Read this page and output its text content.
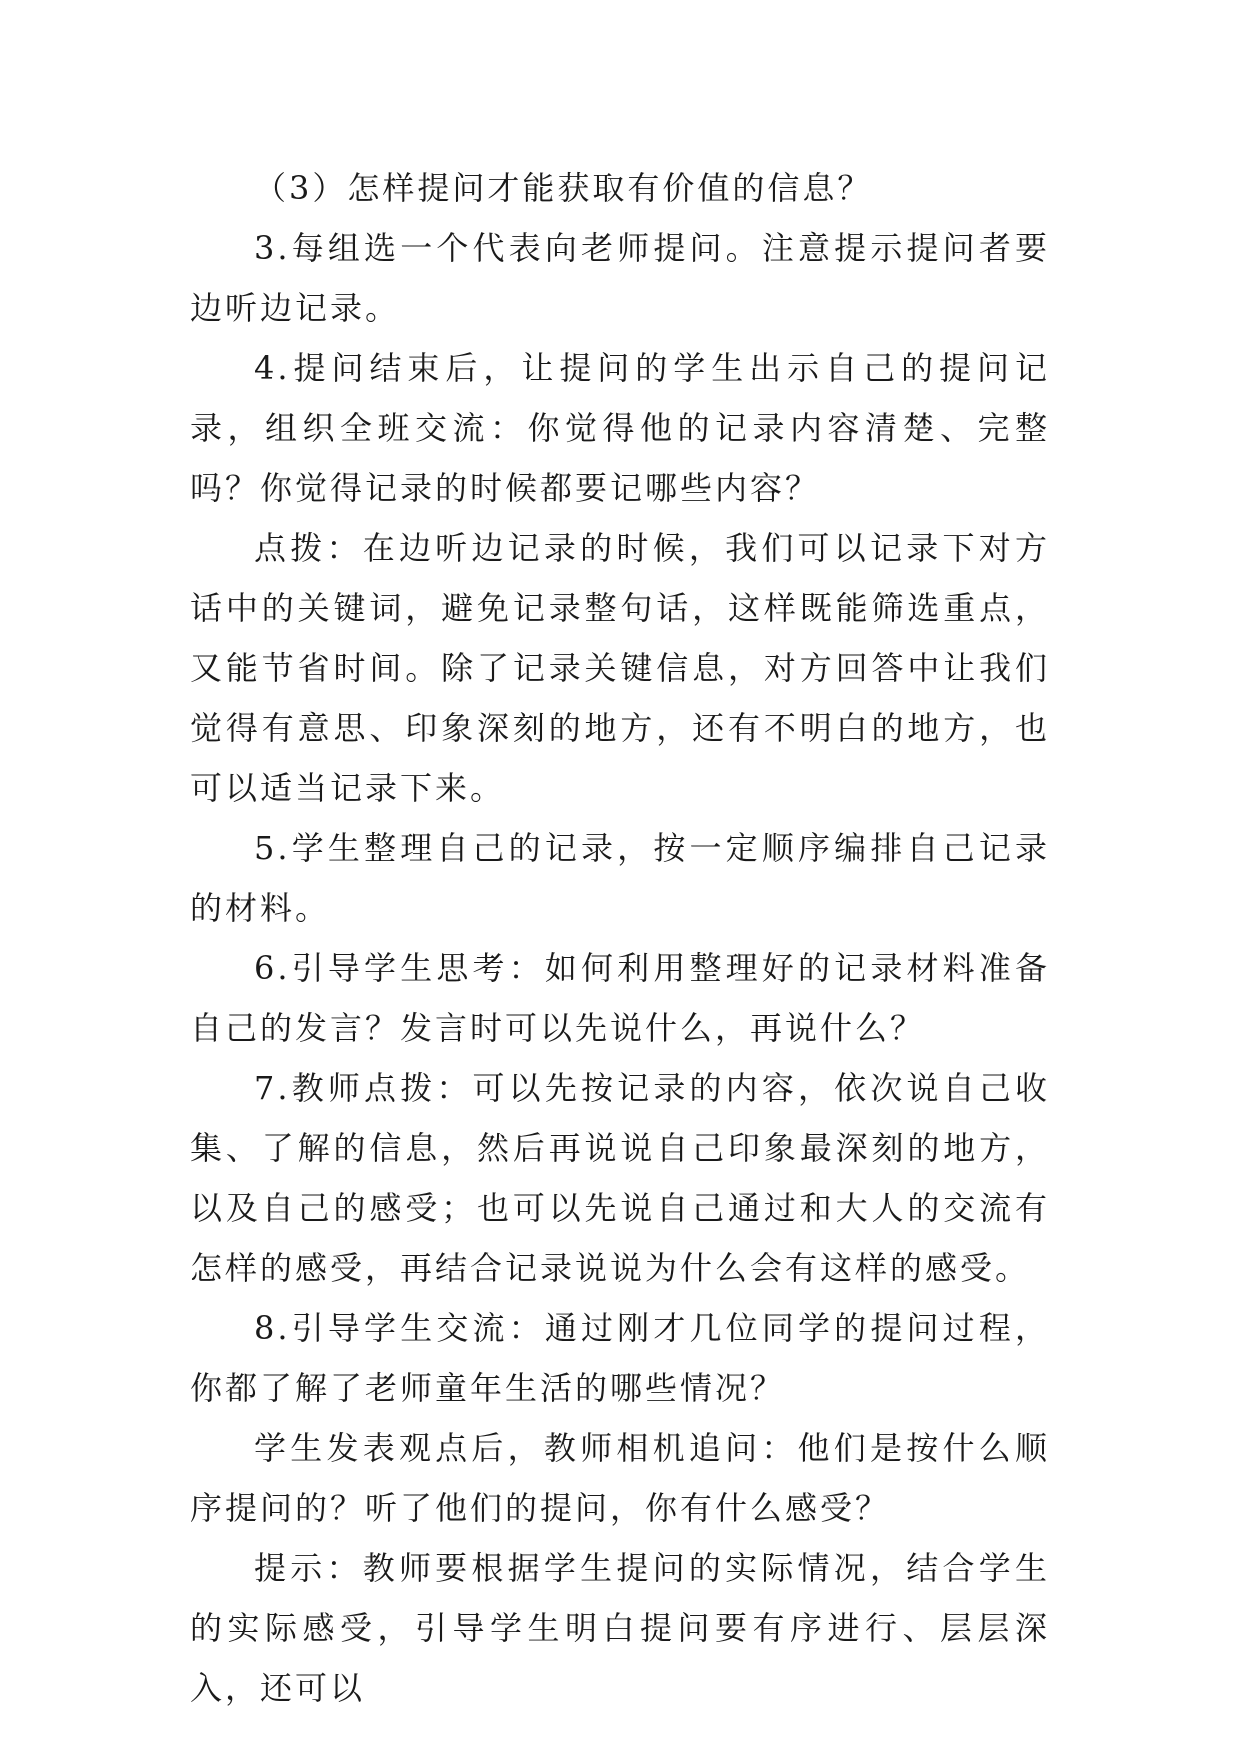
（3）怎样提问才能获取有价值的信息？

3.每组选一个代表向老师提问。注意提示提问者要边听边记录。

4.提问结束后，让提问的学生出示自己的提问记录，组织全班交流：你觉得他的记录内容清楚、完整吗？你觉得记录的时候都要记哪些内容？

点拨：在边听边记录的时候，我们可以记录下对方话中的关键词，避免记录整句话，这样既能筛选重点，又能节省时间。除了记录关键信息，对方回答中让我们觉得有意思、印象深刻的地方，还有不明白的地方，也可以适当记录下来。

5.学生整理自己的记录，按一定顺序编排自己记录的材料。

6.引导学生思考：如何利用整理好的记录材料准备自己的发言？发言时可以先说什么，再说什么？

7.教师点拨：可以先按记录的内容，依次说自己收集、了解的信息，然后再说说自己印象最深刻的地方，以及自己的感受；也可以先说自己通过和大人的交流有怎样的感受，再结合记录说说为什么会有这样的感受。

8.引导学生交流：通过刚才几位同学的提问过程，你都了解了老师童年生活的哪些情况？

学生发表观点后，教师相机追问：他们是按什么顺序提问的？听了他们的提问，你有什么感受？

提示：教师要根据学生提问的实际情况，结合学生的实际感受，引导学生明白提问要有序进行、层层深入，还可以
